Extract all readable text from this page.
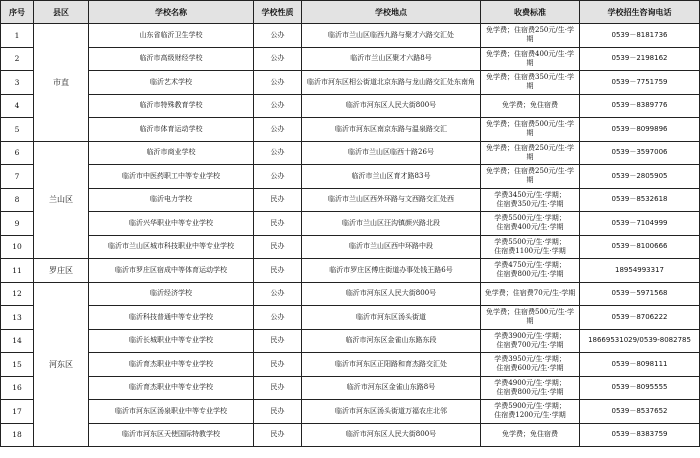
序号	县区	学校名称	学校性质	学校地点	收费标准	学校招生咨询电话
1	市直	山东省临沂卫生学校	公办	临沂市兰山区临西九路与聚才六路交汇处	免学费；住宿费250元/生·学期	0539－8181736
2		临沂市高级财经学校	公办	临沂市兰山区聚才六路8号	免学费；住宿费400元/生·学期	0539－2198162
3		临沂艺术学校	公办	临沂市河东区相公街道北京东路与龙山路交汇处东南角	免学费；住宿费350元/生·学期	0539－7751759
4		临沂市特殊教育学校	公办	临沂市河东区人民大街800号	免学费；免住宿费	0539－8389776
5		临沂市体育运动学校	公办	临沂市河东区南京东路与温泉路交汇	免学费；住宿费500元/生·学期	0539－8099896
6	兰山区	临沂市商业学校	公办	临沂市兰山区临西十路26号	免学费；住宿费250元/生·学期	0539－3597006
7		临沂市中医药职工中等专业学校	公办	临沂市兰山区育才路83号	免学费；住宿费250元/生·学期	0539－2805905
8		临沂电力学校	民办	临沂市兰山区西外环路与文西路交汇处西	学费3450元/生·学期；
住宿费350元/生·学期	0539－8532618
9		临沂兴华职业中等专业学校	民办	临沂市兰山区汪沟镇颜兴路北段	学费5500元/生·学期；
住宿费400元/生·学期	0539－7104999
10		临沂市兰山区城市科技职业中等专业学校	民办	临沂市兰山区西中环路中段	学费5500元/生·学期；
住宿费1100元/生·学期	0539－8100666
11	罗庄区	临沂市罗庄区宿成中等体育运动学校	民办	临沂市罗庄区傅庄街道办事处钱王路6号	学费4750元/生·学期；
住宿费800元/生·学期	18954993317
12	河东区	临沂经济学校	公办	临沂市河东区人民大街800号	免学费；住宿费70元/生·学期	0539－5971568
13		临沂科技普通中等专业学校	公办	临沂市河东区汤头街道	免学费；住宿费500元/生·学期	0539－8706222
14		临沂长城职业中等专业学校	民办	临沂市河东区金雀山东路东段	学费3900元/生·学期；
住宿费700元/生·学期	18669531029/0539-8082785
15		临沂育杰职业中等专业学校	民办	临沂市河东区正阳路和育杰路交汇处	学费3950元/生·学期；
住宿费600元/生·学期	0539－8098111
16		临沂育杰职业中等专业学校	民办	临沂市河东区金雀山东路8号	学费4900元/生·学期；
住宿费800元/生·学期	0539－8095555
17		临沂市河东区汤泉职业中等专业学校	民办	临沂市河东区汤头街道万福农庄北邻	学费5900元/生·学期；
住宿费1200元/生·学期	0539－8537652
18		临沂市河东区天使国际特教学校	民办	临沂市河东区人民大街800号	免学费；免住宿费	0539－8383759
